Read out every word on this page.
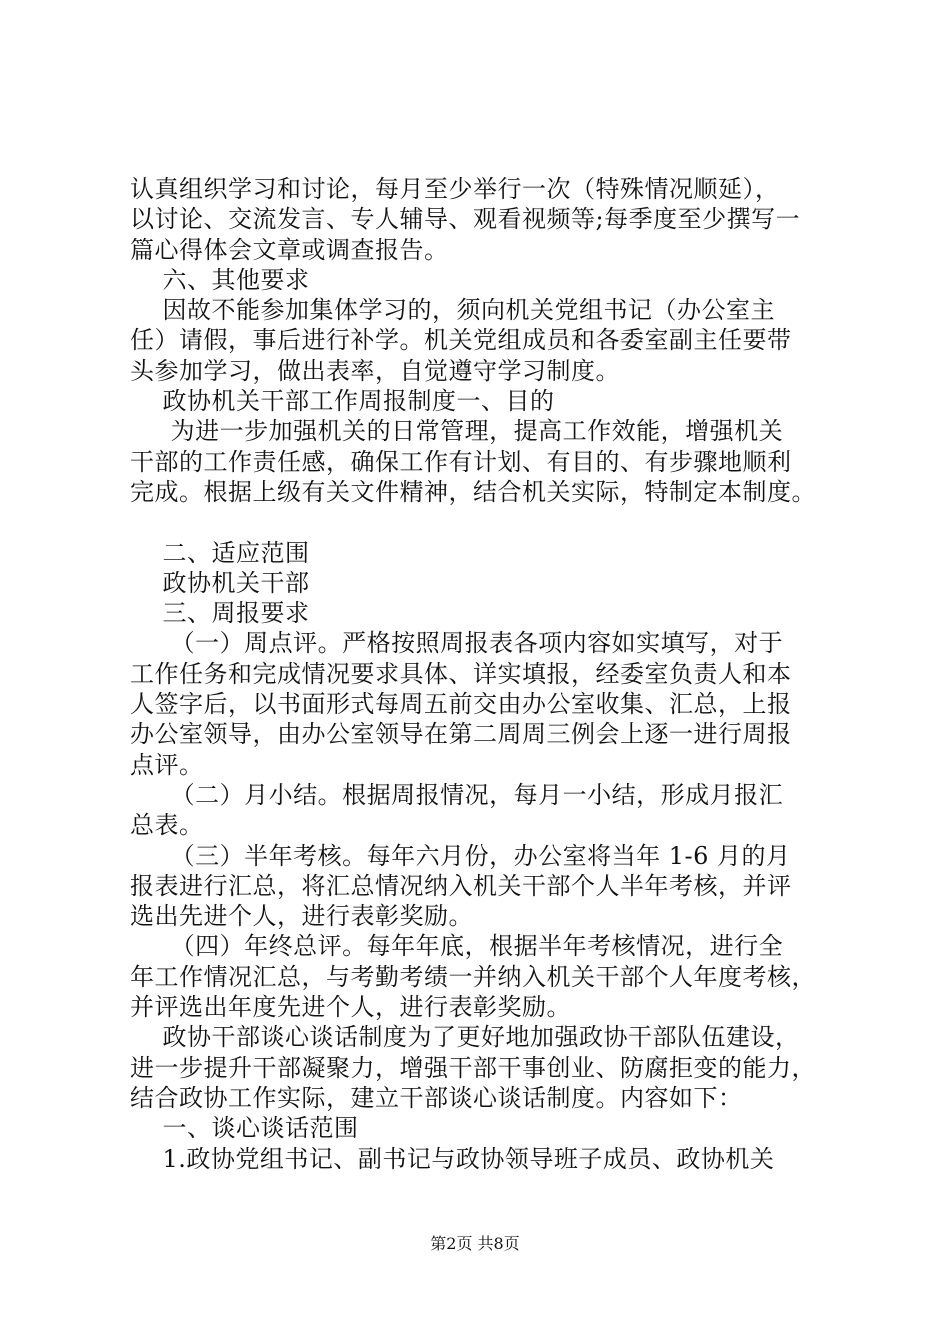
认真组织学习和讨论，每月至少举行一次（特殊情况顺延），
以讨论、交流发言、专人辅导、观看视频等;每季度至少撰写一
篇心得体会文章或调查报告。
六、其他要求
因故不能参加集体学习的，须向机关党组书记（办公室主
任）请假，事后进行补学。机关党组成员和各委室副主任要带
头参加学习，做出表率，自觉遵守学习制度。
政协机关干部工作周报制度一、目的
为进一步加强机关的日常管理，提高工作效能，增强机关
干部的工作责任感，确保工作有计划、有目的、有步骤地顺利
完成。根据上级有关文件精神，结合机关实际，特制定本制度。
二、适应范围
政协机关干部
三、周报要求
（一）周点评。严格按照周报表各项内容如实填写，对于
工作任务和完成情况要求具体、详实填报，经委室负责人和本
人签字后，以书面形式每周五前交由办公室收集、汇总，上报
办公室领导，由办公室领导在第二周周三例会上逐一进行周报
点评。
（二）月小结。根据周报情况，每月一小结，形成月报汇
总表。
（三）半年考核。每年六月份，办公室将当年 1-6 月的月
报表进行汇总，将汇总情况纳入机关干部个人半年考核，并评
选出先进个人，进行表彰奖励。
（四）年终总评。每年年底，根据半年考核情况，进行全
年工作情况汇总，与考勤考绩一并纳入机关干部个人年度考核，
并评选出年度先进个人，进行表彰奖励。
政协干部谈心谈话制度为了更好地加强政协干部队伍建设，
进一步提升干部凝聚力，增强干部干事创业、防腐拒变的能力，
结合政协工作实际，建立干部谈心谈话制度。内容如下：
一、谈心谈话范围
1.政协党组书记、副书记与政协领导班子成员、政协机关
第2页 共8页
